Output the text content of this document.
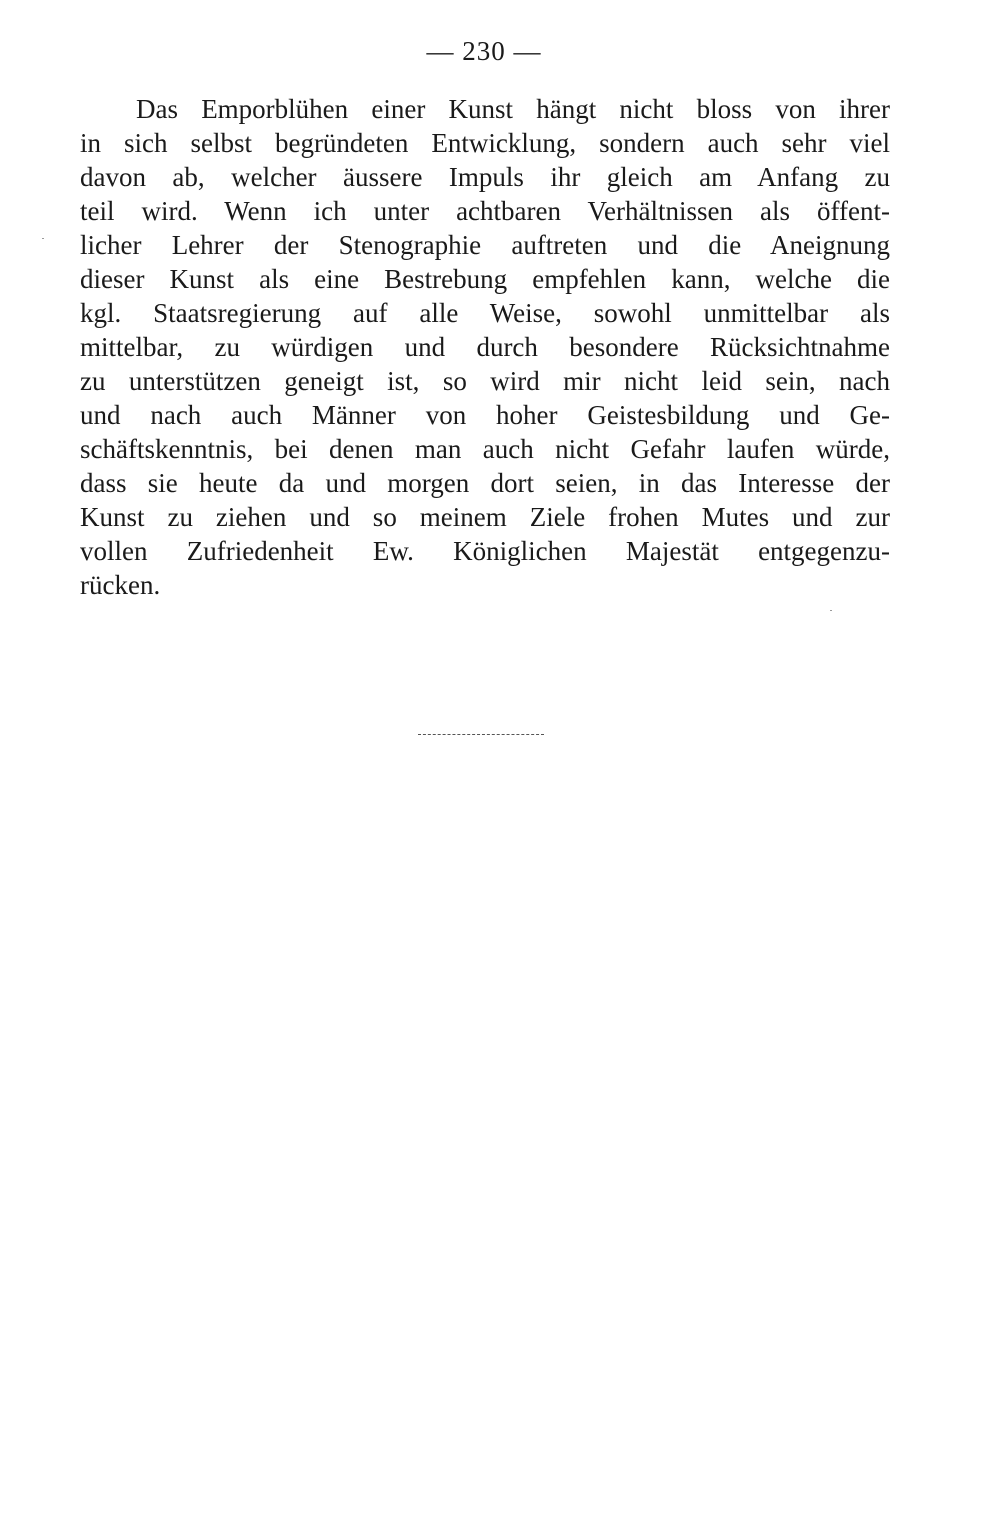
— 230 —
Das Emporblühen einer Kunst hängt nicht bloss von ihrer
in sich selbst begründeten Entwicklung, sondern auch sehr viel
davon ab, welcher äussere Impuls ihr gleich am Anfang zu
teil wird. Wenn ich unter achtbaren Verhältnissen als öffent-
licher Lehrer der Stenographie auftreten und die Aneignung
dieser Kunst als eine Bestrebung empfehlen kann, welche die
kgl. Staatsregierung auf alle Weise, sowohl unmittelbar als
mittelbar, zu würdigen und durch besondere Rücksichtnahme
zu unterstützen geneigt ist, so wird mir nicht leid sein, nach
und nach auch Männer von hoher Geistesbildung und Ge-
schäftskenntnis, bei denen man auch nicht Gefahr laufen würde,
dass sie heute da und morgen dort seien, in das Interesse der
Kunst zu ziehen und so meinem Ziele frohen Mutes und zur
vollen Zufriedenheit Ew. Königlichen Majestät entgegenzu-
rücken.
